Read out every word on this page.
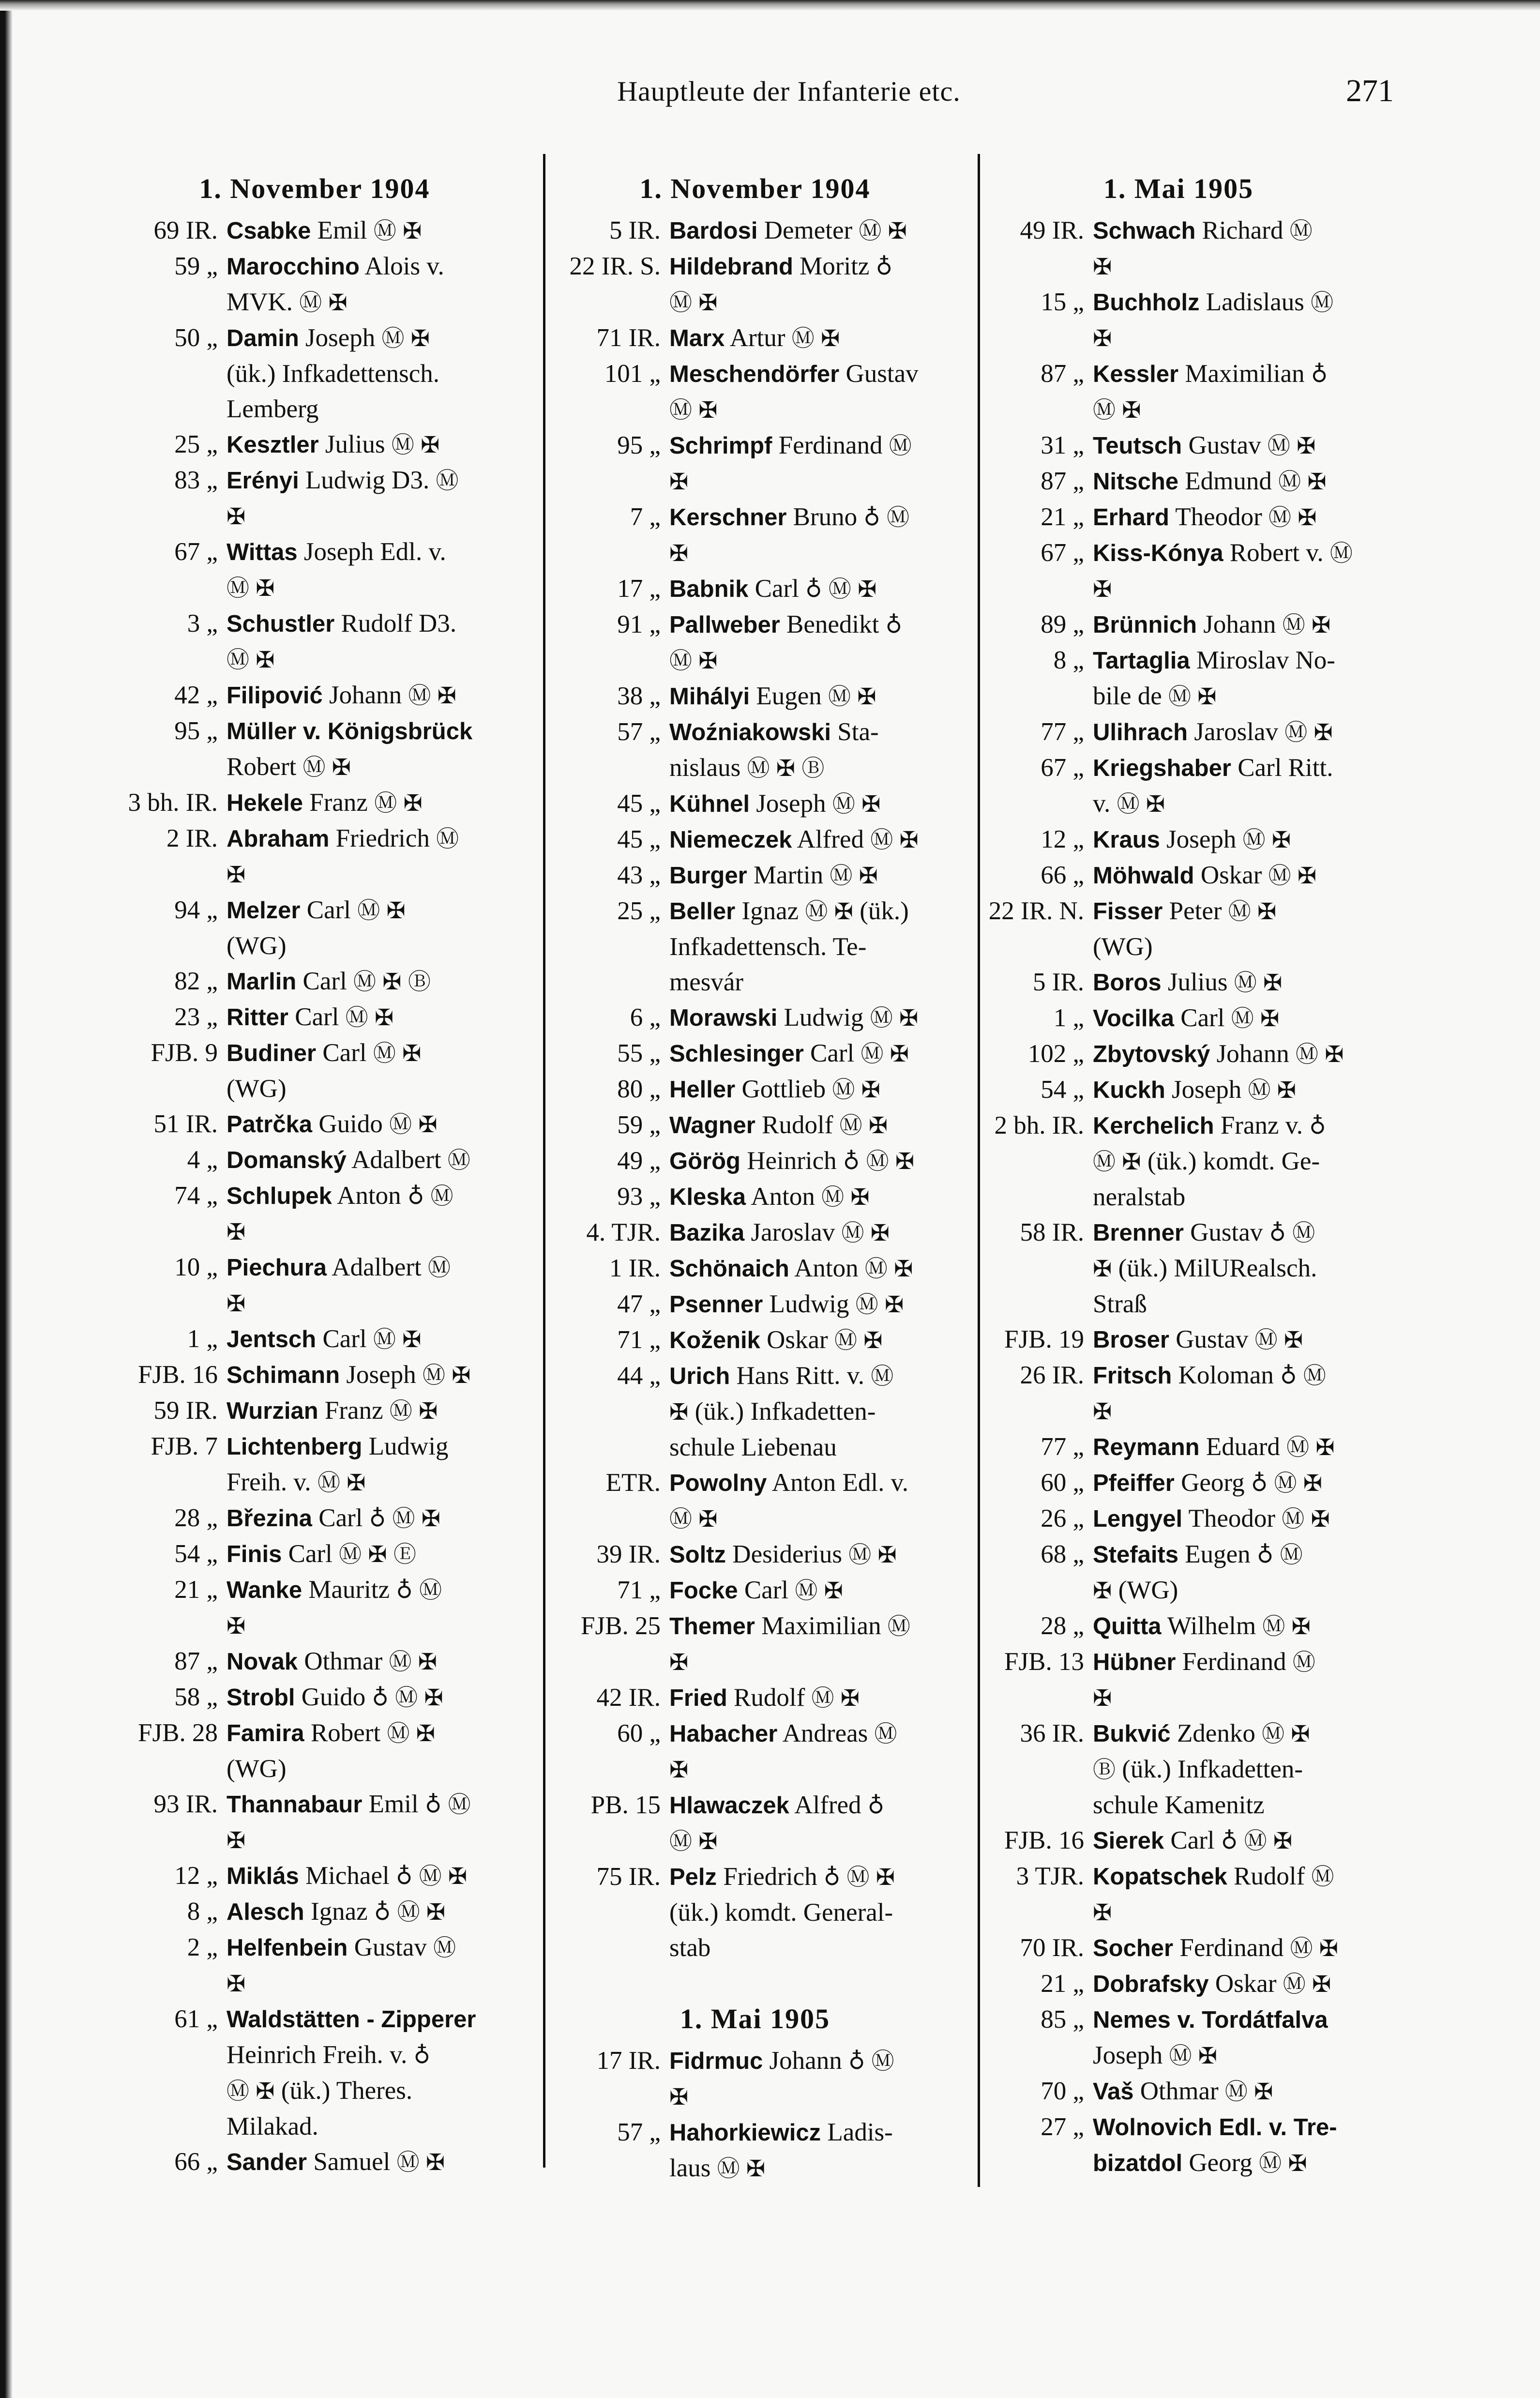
Hauptleute der Infanterie etc.	271
1. November 1904
69 IR. Csabke Emil Ⓜ ✠
59 „ Marocchino Alois v.
MVK. Ⓜ ✠
50 „ Damin Joseph Ⓜ ✠
(ük.) Infkadettensch.
Lemberg
25 „ Kesztler Julius Ⓜ ✠
83 „ Erényi Ludwig D3. Ⓜ
✠
67 „ Wittas Joseph Edl. v.
Ⓜ ✠
3 „ Schustler Rudolf D3.
Ⓜ ✠
42 „ Filipović Johann Ⓜ ✠
95 „ Müller v. Königsbrück
Robert Ⓜ ✠
3 bh. IR. Hekele Franz Ⓜ ✠
2 IR. Abraham Friedrich Ⓜ
✠
94 „ Melzer Carl Ⓜ ✠
(WG)
82 „ Marlin Carl Ⓜ ✠ Ⓑ
23 „ Ritter Carl Ⓜ ✠
FJB. 9 Budiner Carl Ⓜ ✠
(WG)
51 IR. Patrčka Guido Ⓜ ✠
4 „ Domanský Adalbert Ⓜ
74 „ Schlupek Anton ♁ Ⓜ
✠
10 „ Piechura Adalbert Ⓜ
✠
1 „ Jentsch Carl Ⓜ ✠
FJB. 16 Schimann Joseph Ⓜ ✠
59 IR. Wurzian Franz Ⓜ ✠
FJB. 7 Lichtenberg Ludwig
Freih. v. Ⓜ ✠
28 „ Březina Carl ♁ Ⓜ ✠
54 „ Finis Carl Ⓜ ✠ Ⓔ
21 „ Wanke Mauritz ♁ Ⓜ
✠
87 „ Novak Othmar Ⓜ ✠
58 „ Strobl Guido ♁ Ⓜ ✠
FJB. 28 Famira Robert Ⓜ ✠
(WG)
93 IR. Thannabaur Emil ♁ Ⓜ
✠
12 „ Miklás Michael ♁ Ⓜ ✠
8 „ Alesch Ignaz ♁ Ⓜ ✠
2 „ Helfenbein Gustav Ⓜ
✠
61 „ Waldstätten - Zipperer
Heinrich Freih. v. ♁
Ⓜ ✠ (ük.) Theres.
Milakad.
66 „ Sander Samuel Ⓜ ✠
1. November 1904
5 IR. Bardosi Demeter Ⓜ ✠
22 IR. S. Hildebrand Moritz ♁
Ⓜ ✠
71 IR. Marx Artur Ⓜ ✠
101 „ Meschendörfer Gustav
Ⓜ ✠
95 „ Schrimpf Ferdinand Ⓜ
✠
7 „ Kerschner Bruno ♁ Ⓜ
✠
17 „ Babnik Carl ♁ Ⓜ ✠
91 „ Pallweber Benedikt ♁
Ⓜ ✠
38 „ Mihályi Eugen Ⓜ ✠
57 „ Woźniakowski Sta-
nislaus Ⓜ ✠ Ⓑ
45 „ Kühnel Joseph Ⓜ ✠
45 „ Niemeczek Alfred Ⓜ ✠
43 „ Burger Martin Ⓜ ✠
25 „ Beller Ignaz Ⓜ ✠ (ük.)
Infkadettensch. Te-
mesvár
6 „ Morawski Ludwig Ⓜ ✠
55 „ Schlesinger Carl Ⓜ ✠
80 „ Heller Gottlieb Ⓜ ✠
59 „ Wagner Rudolf Ⓜ ✠
49 „ Görög Heinrich ♁ Ⓜ ✠
93 „ Kleska Anton Ⓜ ✠
4. TJR. Bazika Jaroslav Ⓜ ✠
1 IR. Schönaich Anton Ⓜ ✠
47 „ Psenner Ludwig Ⓜ ✠
71 „ Koženik Oskar Ⓜ ✠
44 „ Urich Hans Ritt. v. Ⓜ
✠ (ük.) Infkadetten-
schule Liebenau
ETR. Powolny Anton Edl. v.
Ⓜ ✠
39 IR. Soltz Desiderius Ⓜ ✠
71 „ Focke Carl Ⓜ ✠
FJB. 25 Themer Maximilian Ⓜ
✠
42 IR. Fried Rudolf Ⓜ ✠
60 „ Habacher Andreas Ⓜ
✠
PB. 15 Hlawaczek Alfred ♁
Ⓜ ✠
75 IR. Pelz Friedrich ♁ Ⓜ ✠
(ük.) komdt. General-
stab
1. Mai 1905
17 IR. Fidrmuc Johann ♁ Ⓜ
✠
57 „ Hahorkiewicz Ladis-
laus Ⓜ ✠
1. Mai 1905
49 IR. Schwach Richard Ⓜ
✠
15 „ Buchholz Ladislaus Ⓜ
✠
87 „ Kessler Maximilian ♁
Ⓜ ✠
31 „ Teutsch Gustav Ⓜ ✠
87 „ Nitsche Edmund Ⓜ ✠
21 „ Erhard Theodor Ⓜ ✠
67 „ Kiss-Kónya Robert v. Ⓜ
✠
89 „ Brünnich Johann Ⓜ ✠
8 „ Tartaglia Miroslav No-
bile de Ⓜ ✠
77 „ Ulihrach Jaroslav Ⓜ ✠
67 „ Kriegshaber Carl Ritt.
v. Ⓜ ✠
12 „ Kraus Joseph Ⓜ ✠
66 „ Möhwald Oskar Ⓜ ✠
22 IR. N. Fisser Peter Ⓜ ✠
(WG)
5 IR. Boros Julius Ⓜ ✠
1 „ Vocilka Carl Ⓜ ✠
102 „ Zbytovský Johann Ⓜ ✠
54 „ Kuckh Joseph Ⓜ ✠
2 bh. IR. Kerchelich Franz v. ♁
Ⓜ ✠ (ük.) komdt. Ge-
neralstab
58 IR. Brenner Gustav ♁ Ⓜ
✠ (ük.) MilURealsch.
Straß
FJB. 19 Broser Gustav Ⓜ ✠
26 IR. Fritsch Koloman ♁ Ⓜ
✠
77 „ Reymann Eduard Ⓜ ✠
60 „ Pfeiffer Georg ♁ Ⓜ ✠
26 „ Lengyel Theodor Ⓜ ✠
68 „ Stefaits Eugen ♁ Ⓜ
✠ (WG)
28 „ Quitta Wilhelm Ⓜ ✠
FJB. 13 Hübner Ferdinand Ⓜ
✠
36 IR. Bukvić Zdenko Ⓜ ✠
Ⓑ (ük.) Infkadetten-
schule Kamenitz
FJB. 16 Sierek Carl ♁ Ⓜ ✠
3 TJR. Kopatschek Rudolf Ⓜ
✠
70 IR. Socher Ferdinand Ⓜ ✠
21 „ Dobrafsky Oskar Ⓜ ✠
85 „ Nemes v. Tordátfalva
Joseph Ⓜ ✠
70 „ Vaš Othmar Ⓜ ✠
27 „ Wolnovich Edl. v. Tre-
bizatdol Georg Ⓜ ✠
